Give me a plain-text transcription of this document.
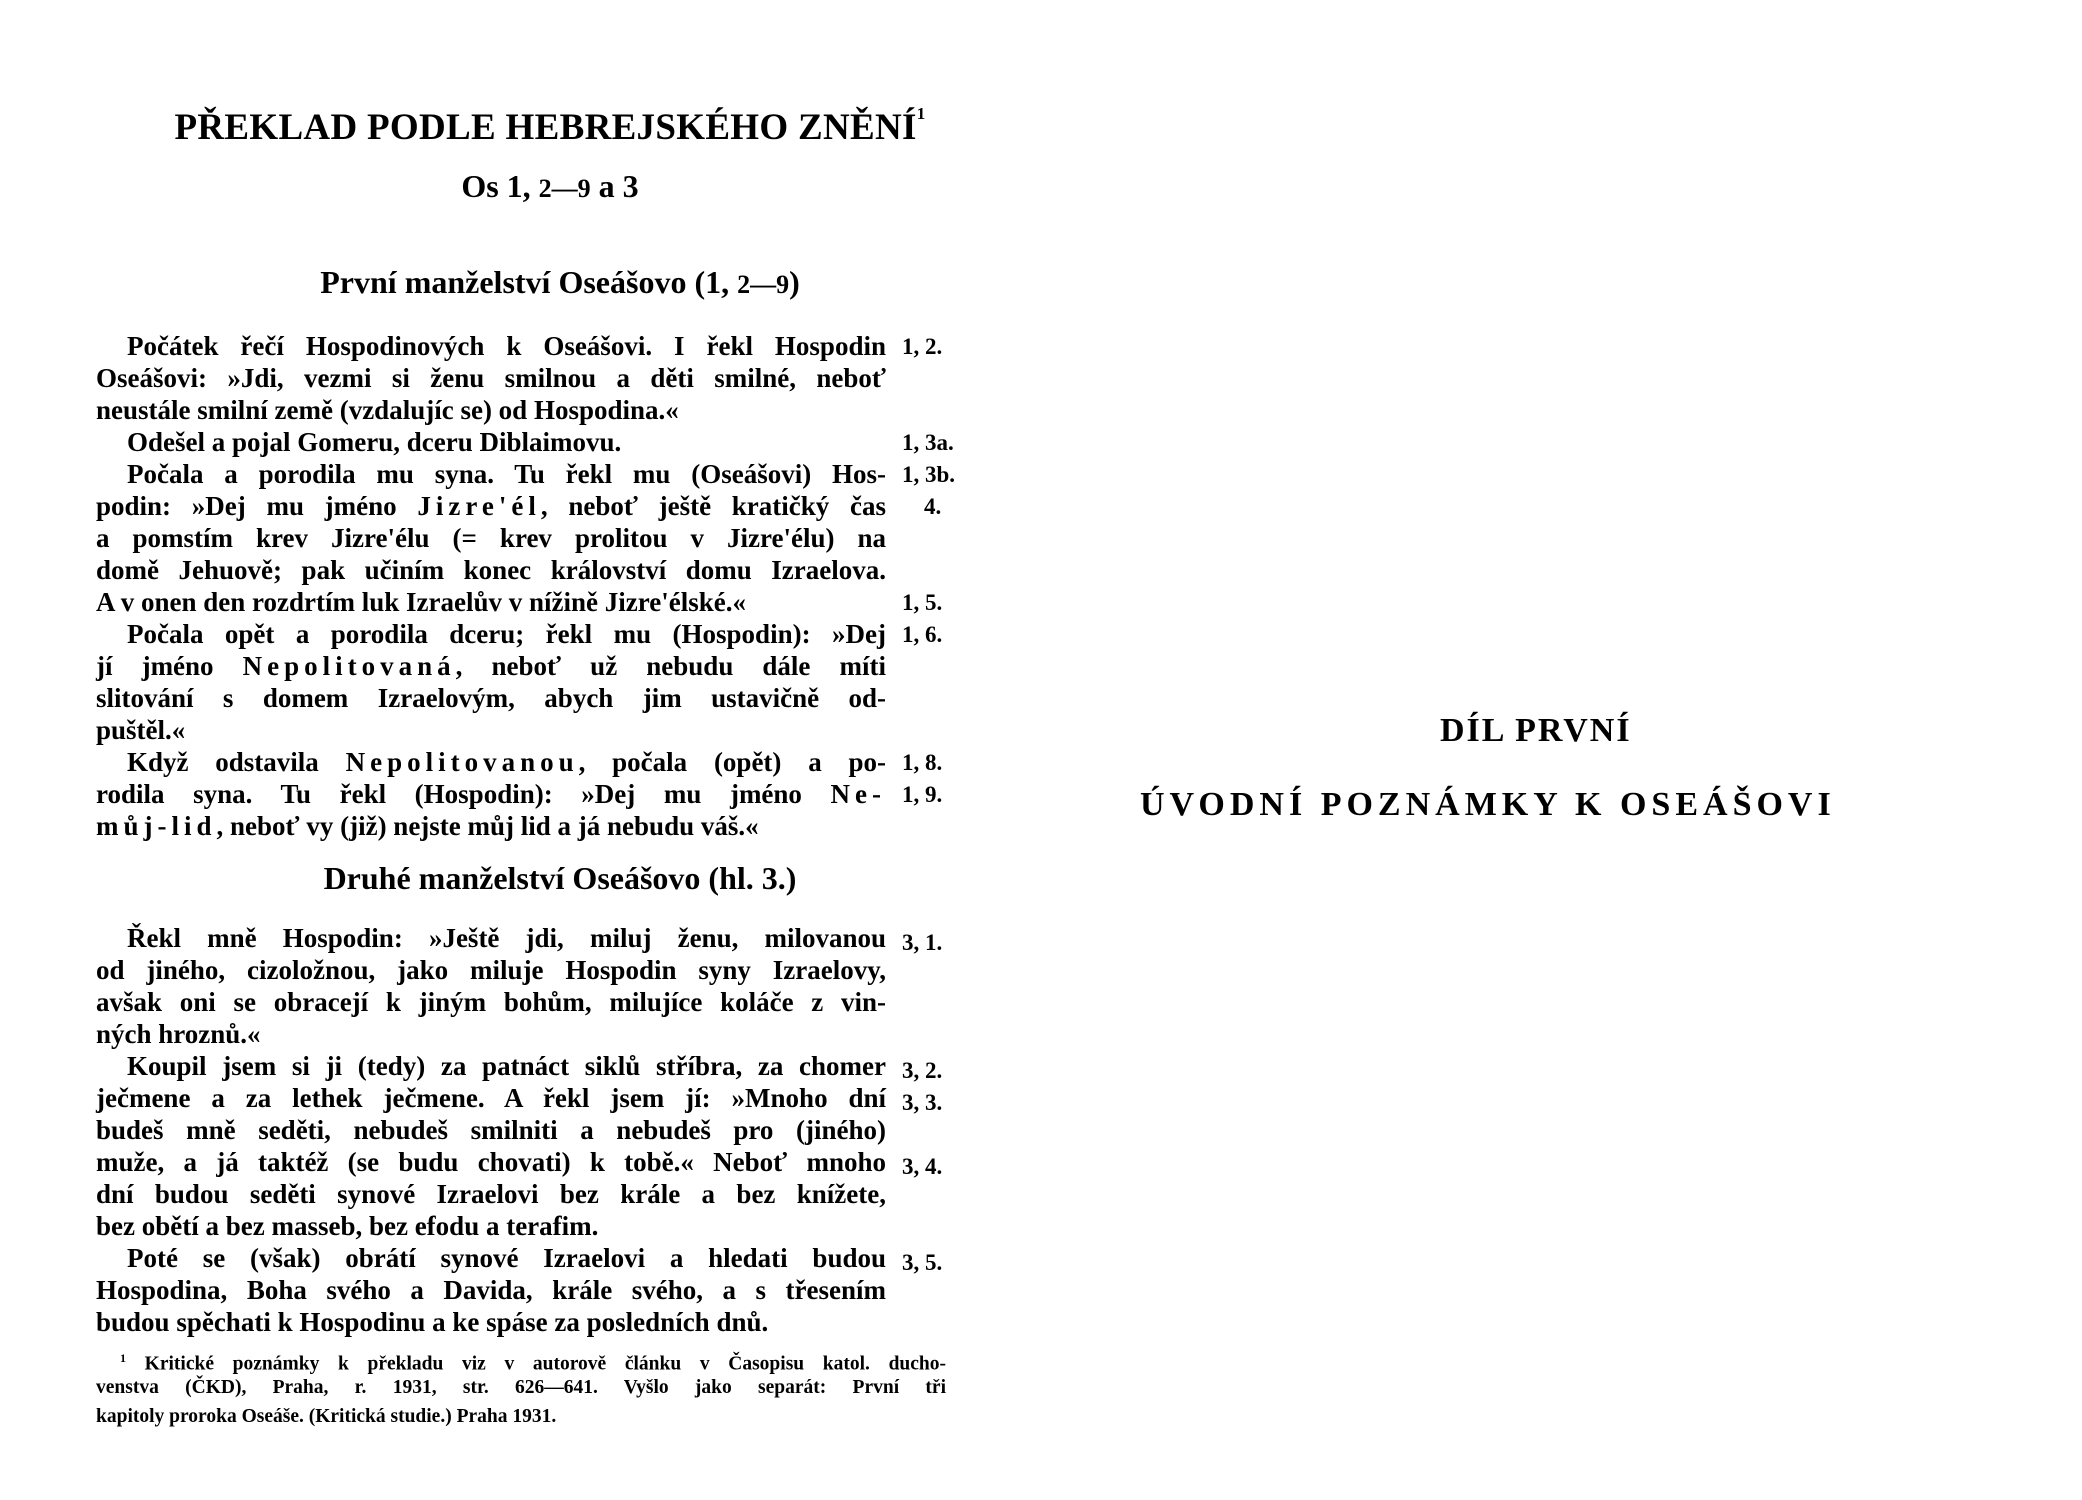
PŘEKLAD PODLE HEBREJSKÉHO ZNĚNÍ$^1$
Os 1, 2—9 a 3
První manželství Oseášovo (1, 2—9)
Počátek řečí Hospodinových k Oseášovi. I řekl Hospodin
Oseášovi: »Jdi, vezmi si ženu smilnou a děti smilné, neboť
neustále smilní země (vzdalujíc se) od Hospodina.«
Odešel a pojal Gomeru, dceru Diblaimovu.
Počala a porodila mu syna. Tu řekl mu (Oseášovi) Hos-
podin: »Dej mu jméno Jizre'él, neboť ještě kratičký čas
a pomstím krev Jizre'élu (= krev prolitou v Jizre'élu) na
domě Jehuově; pak učiním konec království domu Izraelova.
A v onen den rozdrtím luk Izraelův v nížině Jizre'élské.«
Počala opět a porodila dceru; řekl mu (Hospodin): »Dej
jí jméno Nepolitovaná, neboť už nebudu dále míti
slitování s domem Izraelovým, abych jim ustavičně od-
puštěl.«
Když odstavila Nepolitovanou, počala (opět) a po-
rodila syna. Tu řekl (Hospodin): »Dej mu jméno Ne-
můj-lid, neboť vy (již) nejste můj lid a já nebudu váš.«
1, 2.
1, 3a.
1, 3b.
4.
1, 5.
1, 6.
1, 8.
1, 9.
Druhé manželství Oseášovo (hl. 3.)
Řekl mně Hospodin: »Ještě jdi, miluj ženu, milovanou
od jiného, cizoložnou, jako miluje Hospodin syny Izraelovy,
avšak oni se obracejí k jiným bohům, milujíce koláče z vin-
ných hroznů.«
Koupil jsem si ji (tedy) za patnáct siklů stříbra, za chomer
ječmene a za lethek ječmene. A řekl jsem jí: »Mnoho dní
budeš mně seděti, nebudeš smilniti a nebudeš pro (jiného)
muže, a já taktéž (se budu chovati) k tobě.« Neboť mnoho
dní budou seděti synové Izraelovi bez krále a bez knížete,
bez obětí a bez masseb, bez efodu a terafim.
Poté se (však) obrátí synové Izraelovi a hledati budou
Hospodina, Boha svého a Davida, krále svého, a s třesením
budou spěchati k Hospodinu a ke spáse za posledních dnů.
3, 1.
3, 2.
3, 3.
3, 4.
3, 5.
$^1$ Kritické poznámky k překladu viz v autorově článku v Časopisu katol. ducho-
venstva (ČKD), Praha, r. 1931, str. 626—641. Vyšlo jako separát: První tři
kapitoly proroka Oseáše. (Kritická studie.) Praha 1931.
DÍL PRVNÍ
ÚVODNÍ POZNÁMKY K OSEÁŠOVI
